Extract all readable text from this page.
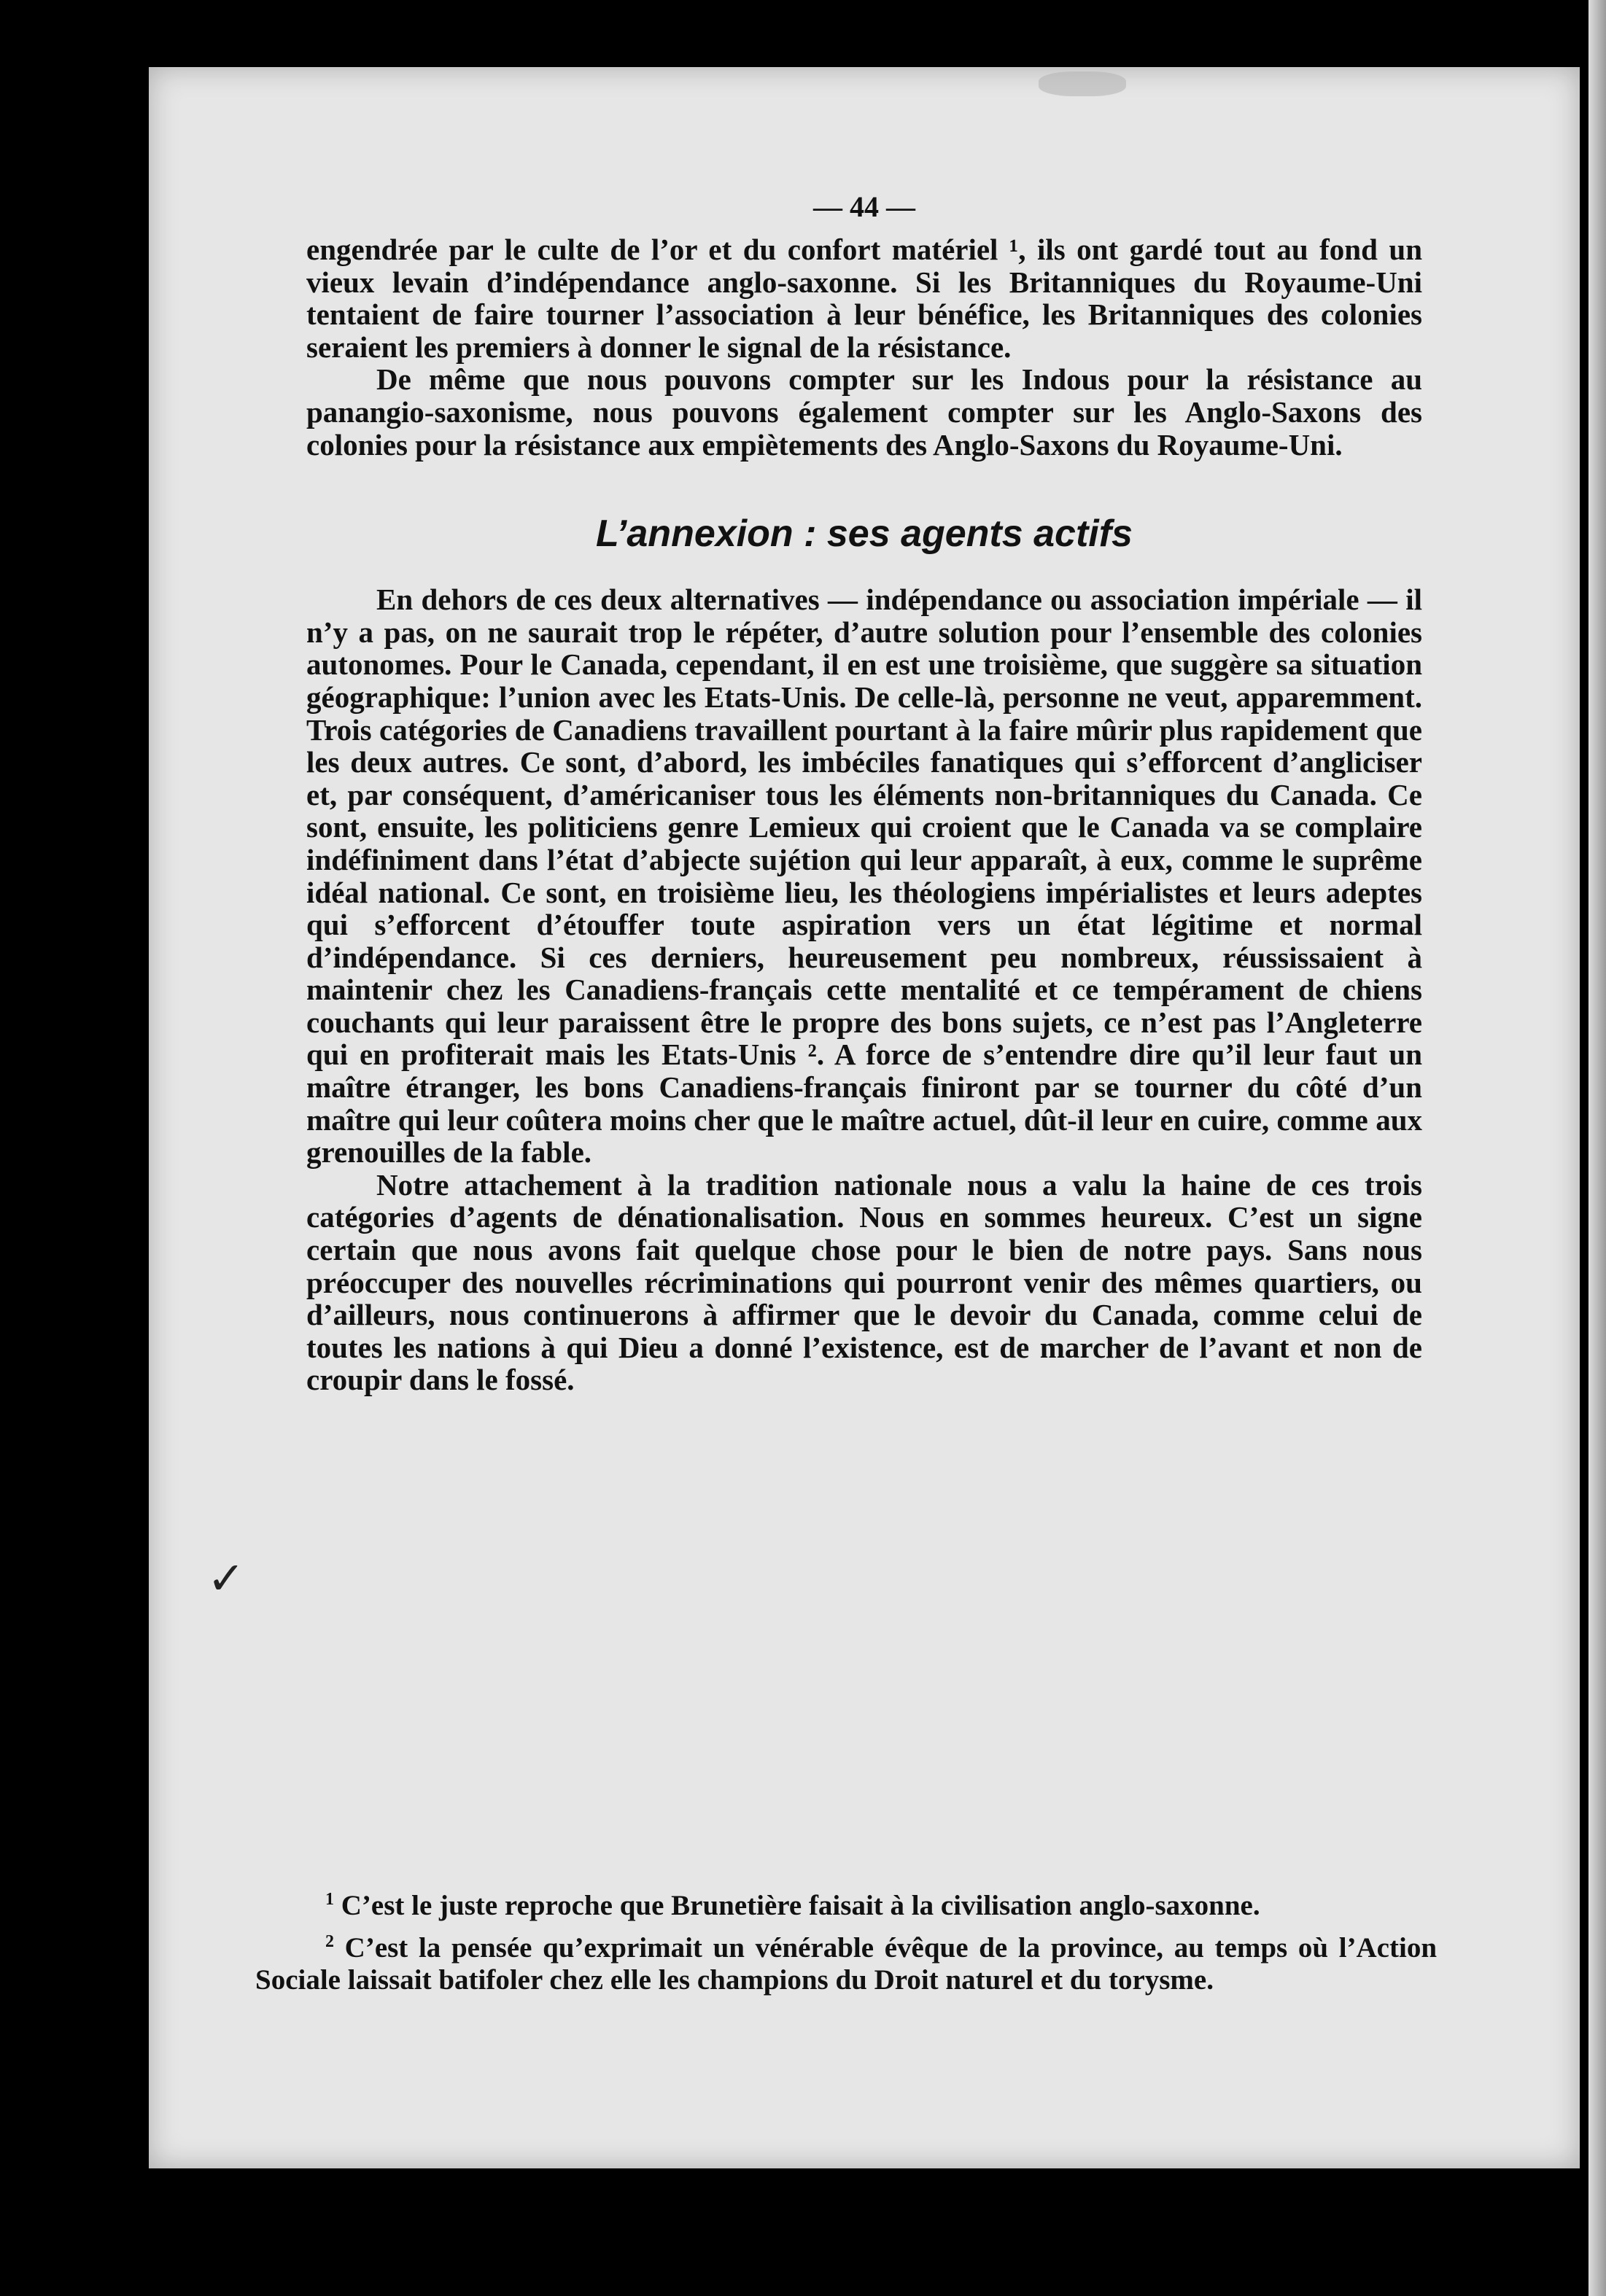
— 44 —

engendrée par le culte de l’or et du confort matériel ¹, ils ont gardé tout au fond un vieux levain d’indépendance anglo-saxonne. Si les Britanniques du Royaume-Uni tentaient de faire tourner l’association à leur bénéfice, les Britanniques des colonies seraient les premiers à donner le signal de la résistance.

De même que nous pouvons compter sur les Indous pour la résistance au panangio-saxonisme, nous pouvons également compter sur les Anglo-Saxons des colonies pour la résistance aux empiètements des Anglo-Saxons du Royaume-Uni.

L’annexion : ses agents actifs

En dehors de ces deux alternatives — indépendance ou association impériale — il n’y a pas, on ne saurait trop le répéter, d’autre solution pour l’ensemble des colonies autonomes. Pour le Canada, cependant, il en est une troisième, que suggère sa situation géographique: l’union avec les Etats-Unis. De celle-là, personne ne veut, apparemment. Trois catégories de Canadiens travaillent pourtant à la faire mûrir plus rapidement que les deux autres. Ce sont, d’abord, les imbéciles fanatiques qui s’efforcent d’angliciser et, par conséquent, d’américaniser tous les éléments non-britanniques du Canada. Ce sont, ensuite, les politiciens genre Lemieux qui croient que le Canada va se complaire indéfiniment dans l’état d’abjecte sujétion qui leur apparaît, à eux, comme le suprême idéal national. Ce sont, en troisième lieu, les théologiens impérialistes et leurs adeptes qui s’efforcent d’étouffer toute aspiration vers un état légitime et normal d’indépendance. Si ces derniers, heureusement peu nombreux, réussissaient à maintenir chez les Canadiens-français cette mentalité et ce tempérament de chiens couchants qui leur paraissent être le propre des bons sujets, ce n’est pas l’Angleterre qui en profiterait mais les Etats-Unis ². A force de s’entendre dire qu’il leur faut un maître étranger, les bons Canadiens-français finiront par se tourner du côté d’un maître qui leur coûtera moins cher que le maître actuel, dût-il leur en cuire, comme aux grenouilles de la fable.

Notre attachement à la tradition nationale nous a valu la haine de ces trois catégories d’agents de dénationalisation. Nous en sommes heureux. C’est un signe certain que nous avons fait quelque chose pour le bien de notre pays. Sans nous préoccuper des nouvelles récriminations qui pourront venir des mêmes quartiers, ou d’ailleurs, nous continuerons à affirmer que le devoir du Canada, comme celui de toutes les nations à qui Dieu a donné l’existence, est de marcher de l’avant et non de croupir dans le fossé.

$^1$ C’est le juste reproche que Brunetière faisait à la civilisation anglo-saxonne.

$^2$ C’est la pensée qu’exprimait un vénérable évêque de la province, au temps où l’Action Sociale laissait batifoler chez elle les champions du Droit naturel et du torysme.

✓
